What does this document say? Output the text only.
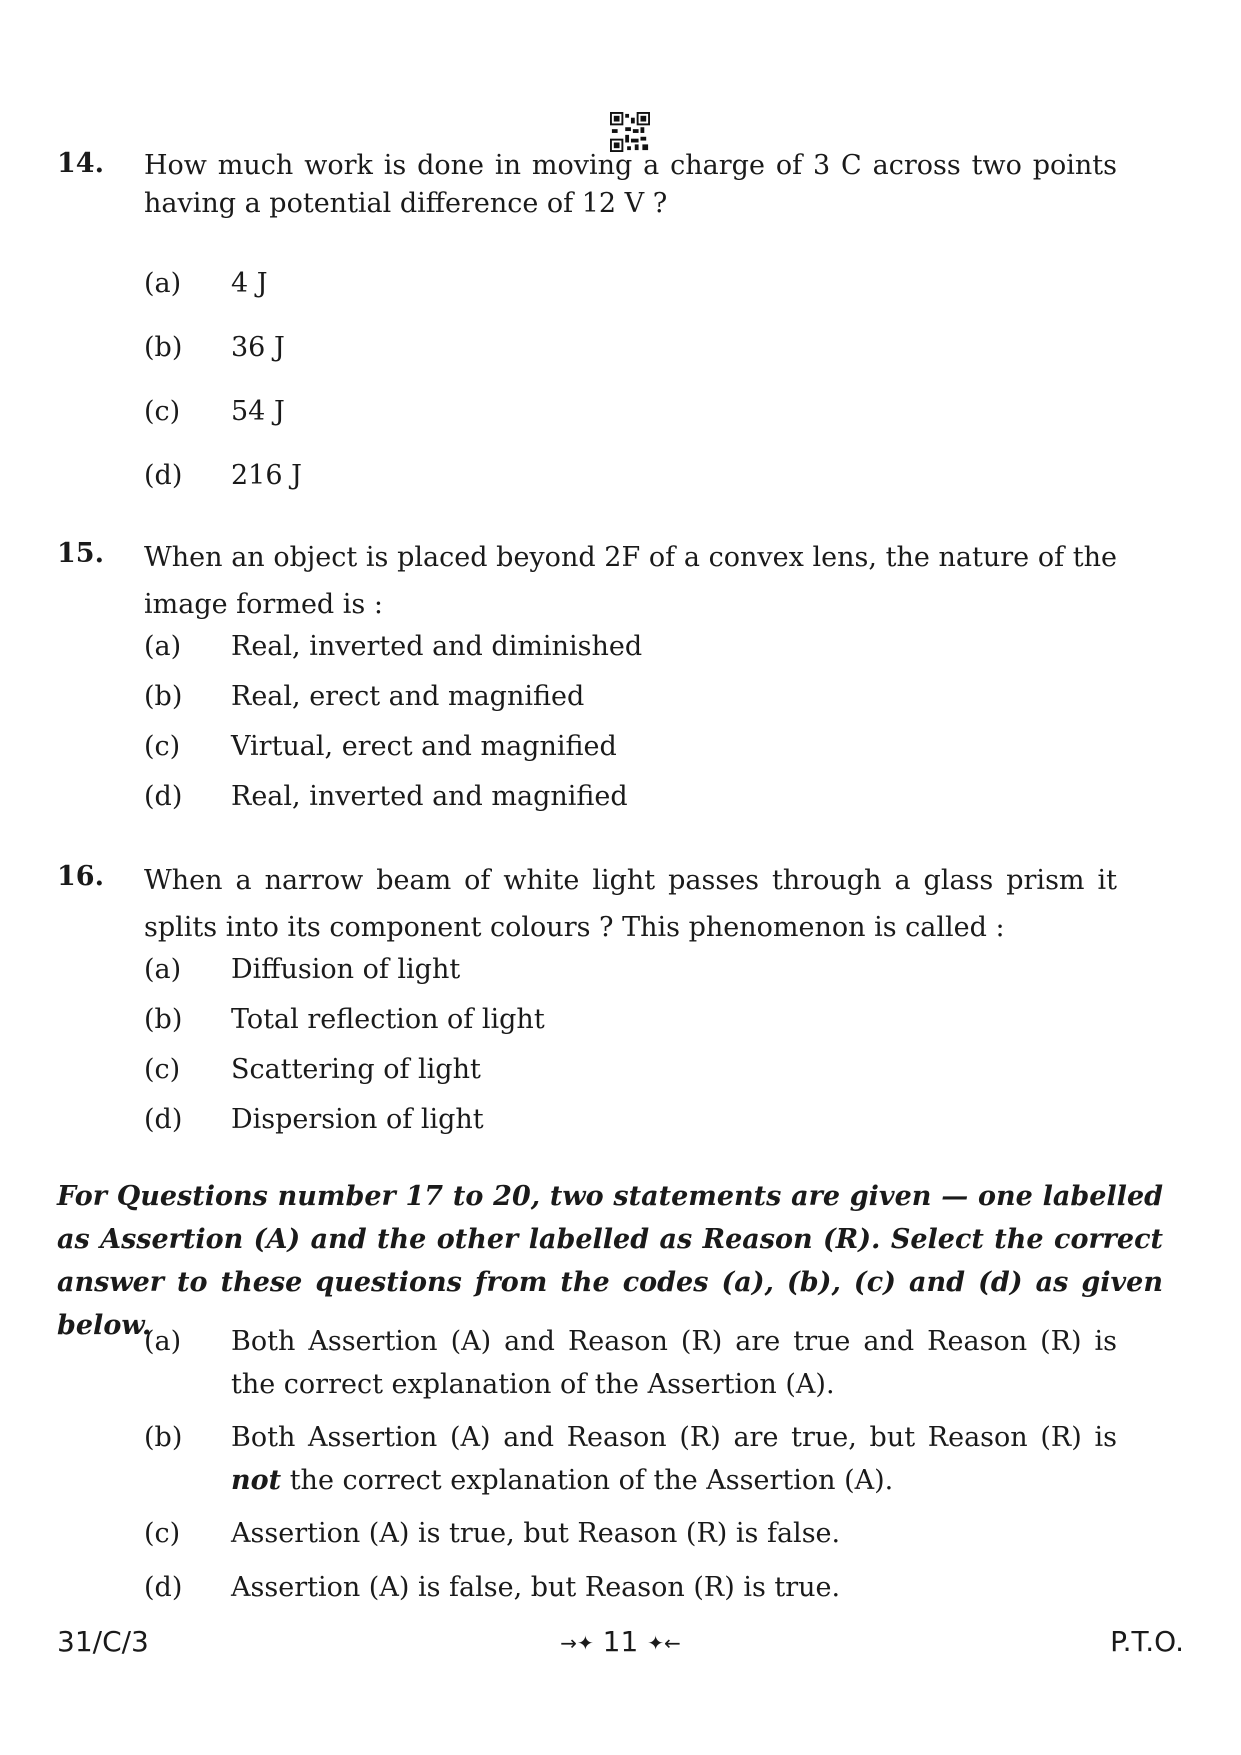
14. How much work is done in moving a charge of 3 C across two points having a potential difference of 12 V ?
(a) 4 J
(b) 36 J
(c) 54 J
(d) 216 J
15. When an object is placed beyond 2F of a convex lens, the nature of the image formed is :
(a) Real, inverted and diminished
(b) Real, erect and magnified
(c) Virtual, erect and magnified
(d) Real, inverted and magnified
16. When a narrow beam of white light passes through a glass prism it splits into its component colours ? This phenomenon is called :
(a) Diffusion of light
(b) Total reflection of light
(c) Scattering of light
(d) Dispersion of light
For Questions number 17 to 20, two statements are given — one labelled as Assertion (A) and the other labelled as Reason (R). Select the correct answer to these questions from the codes (a), (b), (c) and (d) as given below.
(a) Both Assertion (A) and Reason (R) are true and Reason (R) is the correct explanation of the Assertion (A).
(b) Both Assertion (A) and Reason (R) are true, but Reason (R) is not the correct explanation of the Assertion (A).
(c) Assertion (A) is true, but Reason (R) is false.
(d) Assertion (A) is false, but Reason (R) is true.
31/C/3	→✦ 11 ✦←	P.T.O.
